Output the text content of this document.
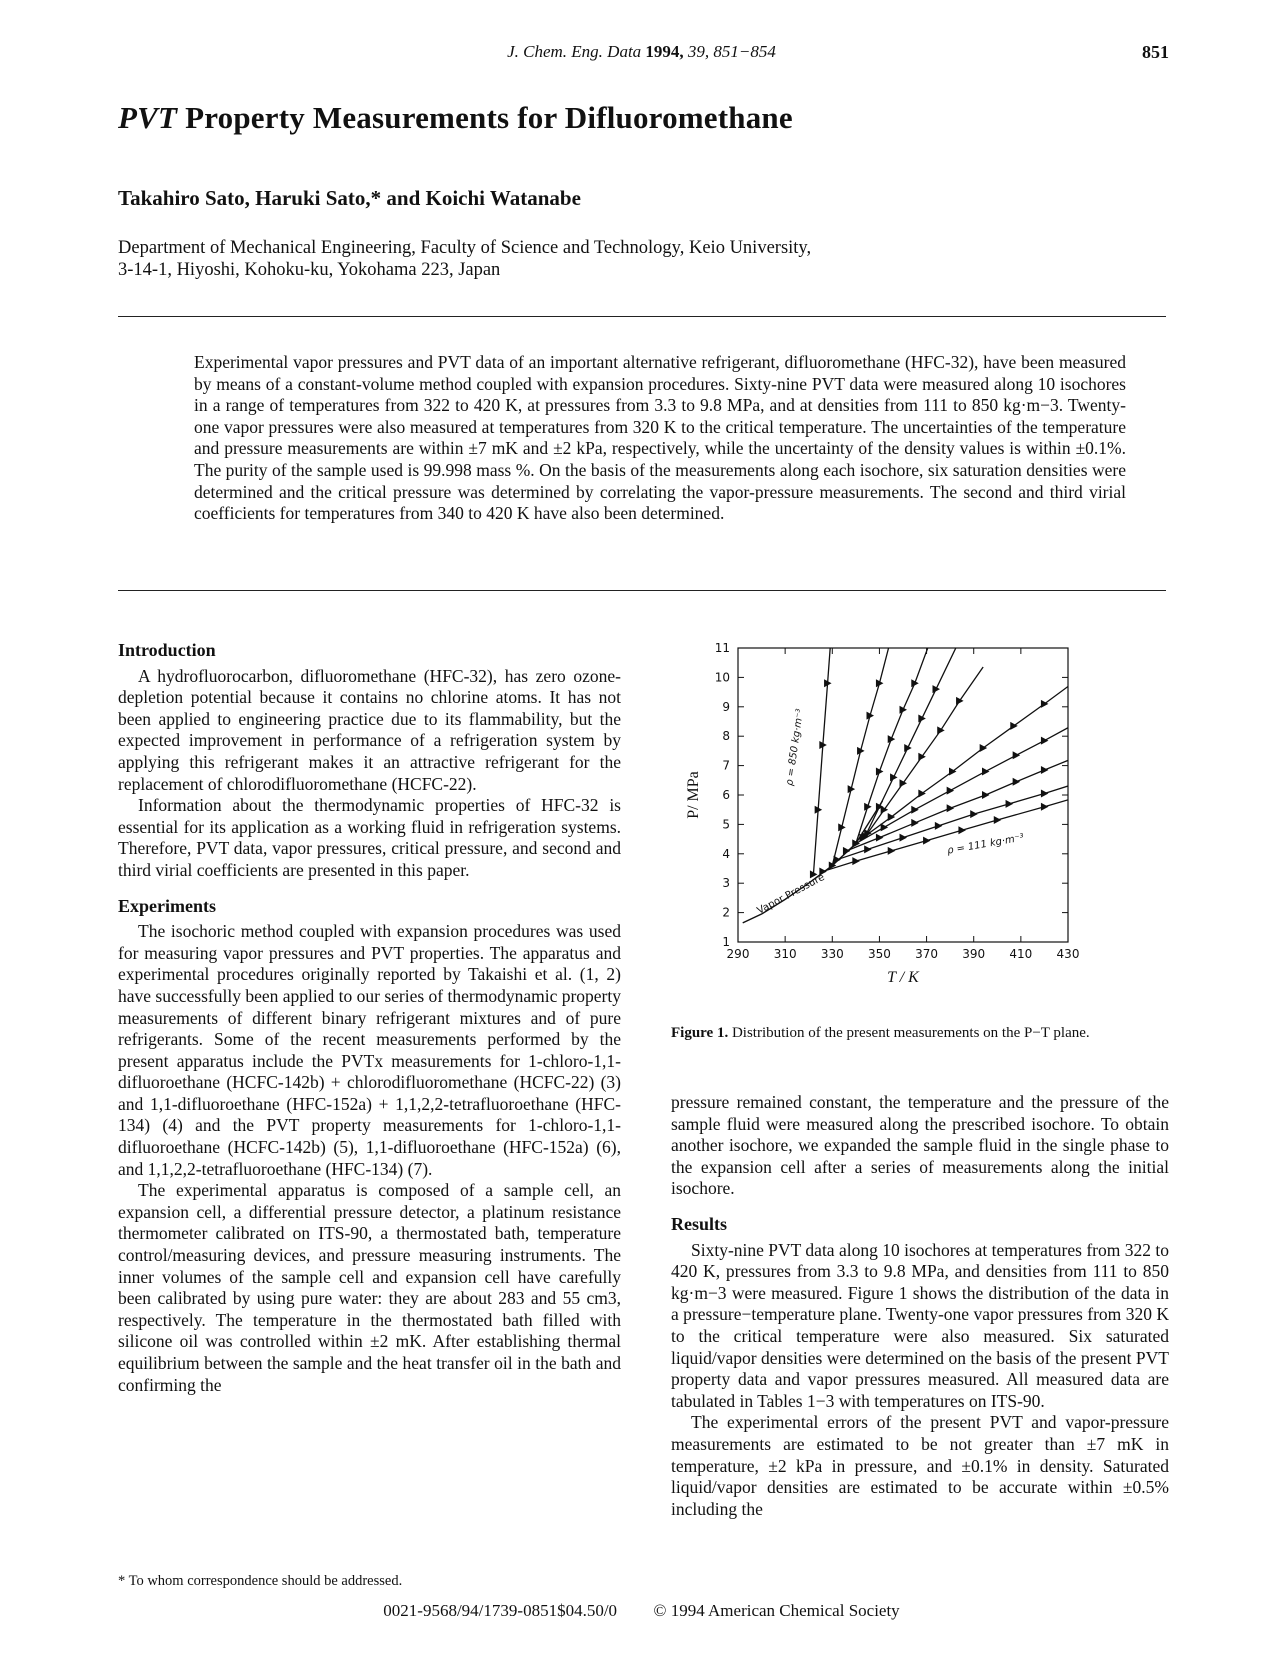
J. Chem. Eng. Data 1994, 39, 851−854	851
PVT Property Measurements for Difluoromethane
Takahiro Sato, Haruki Sato,* and Koichi Watanabe
Department of Mechanical Engineering, Faculty of Science and Technology, Keio University,
3-14-1, Hiyoshi, Kohoku-ku, Yokohama 223, Japan
Experimental vapor pressures and PVT data of an important alternative refrigerant, difluoromethane (HFC-32), have been measured by means of a constant-volume method coupled with expansion procedures. Sixty-nine PVT data were measured along 10 isochores in a range of temperatures from 322 to 420 K, at pressures from 3.3 to 9.8 MPa, and at densities from 111 to 850 kg·m−3. Twenty-one vapor pressures were also measured at temperatures from 320 K to the critical temperature. The uncertainties of the temperature and pressure measurements are within ±7 mK and ±2 kPa, respectively, while the uncertainty of the density values is within ±0.1%. The purity of the sample used is 99.998 mass %. On the basis of the measurements along each isochore, six saturation densities were determined and the critical pressure was determined by correlating the vapor-pressure measurements. The second and third virial coefficients for temperatures from 340 to 420 K have also been determined.
Introduction

A hydrofluorocarbon, difluoromethane (HFC-32), has zero ozone-depletion potential because it contains no chlorine atoms. It has not been applied to engineering practice due to its flammability, but the expected improvement in performance of a refrigeration system by applying this refrigerant makes it an attractive refrigerant for the replacement of chlorodifluoromethane (HCFC-22).

Information about the thermodynamic properties of HFC-32 is essential for its application as a working fluid in refrigeration systems. Therefore, PVT data, vapor pressures, critical pressure, and second and third virial coefficients are presented in this paper.

Experiments

The isochoric method coupled with expansion procedures was used for measuring vapor pressures and PVT properties. The apparatus and experimental procedures originally reported by Takaishi et al. (1, 2) have successfully been applied to our series of thermodynamic property measurements of different binary refrigerant mixtures and of pure refrigerants. Some of the recent measurements performed by the present apparatus include the PVTx measurements for 1-chloro-1,1-difluoroethane (HCFC-142b) + chlorodifluoromethane (HCFC-22) (3) and 1,1-difluoroethane (HFC-152a) + 1,1,2,2-tetrafluoroethane (HFC-134) (4) and the PVT property measurements for 1-chloro-1,1-difluoroethane (HCFC-142b) (5), 1,1-difluoroethane (HFC-152a) (6), and 1,1,2,2-tetrafluoroethane (HFC-134) (7).

The experimental apparatus is composed of a sample cell, an expansion cell, a differential pressure detector, a platinum resistance thermometer calibrated on ITS-90, a thermostated bath, temperature control/measuring devices, and pressure measuring instruments. The inner volumes of the sample cell and expansion cell have carefully been calibrated by using pure water: they are about 283 and 55 cm3, respectively. The temperature in the thermostated bath filled with silicone oil was controlled within ±2 mK. After establishing thermal equilibrium between the sample and the heat transfer oil in the bath and confirming the

290 310 330 350 370 390 410 430
1
2
3
4
5
6
7
8
9
10
11
T / K
P/ MPa
ρ = 850 kg·m⁻³
ρ = 111 kg·m⁻³
Vapor Pressure
Figure 1. Distribution of the present measurements on the P−T plane.

pressure remained constant, the temperature and the pressure of the sample fluid were measured along the prescribed isochore. To obtain another isochore, we expanded the sample fluid in the single phase to the expansion cell after a series of measurements along the initial isochore.

Results

Sixty-nine PVT data along 10 isochores at temperatures from 322 to 420 K, pressures from 3.3 to 9.8 MPa, and densities from 111 to 850 kg·m−3 were measured. Figure 1 shows the distribution of the data in a pressure−temperature plane. Twenty-one vapor pressures from 320 K to the critical temperature were also measured. Six saturated liquid/vapor densities were determined on the basis of the present PVT property data and vapor pressures measured. All measured data are tabulated in Tables 1−3 with temperatures on ITS-90.

The experimental errors of the present PVT and vapor-pressure measurements are estimated to be not greater than ±7 mK in temperature, ±2 kPa in pressure, and ±0.1% in density. Saturated liquid/vapor densities are estimated to be accurate within ±0.5% including the

* To whom correspondence should be addressed.
0021-9568/94/1739-0851$04.50/0 © 1994 American Chemical Society
